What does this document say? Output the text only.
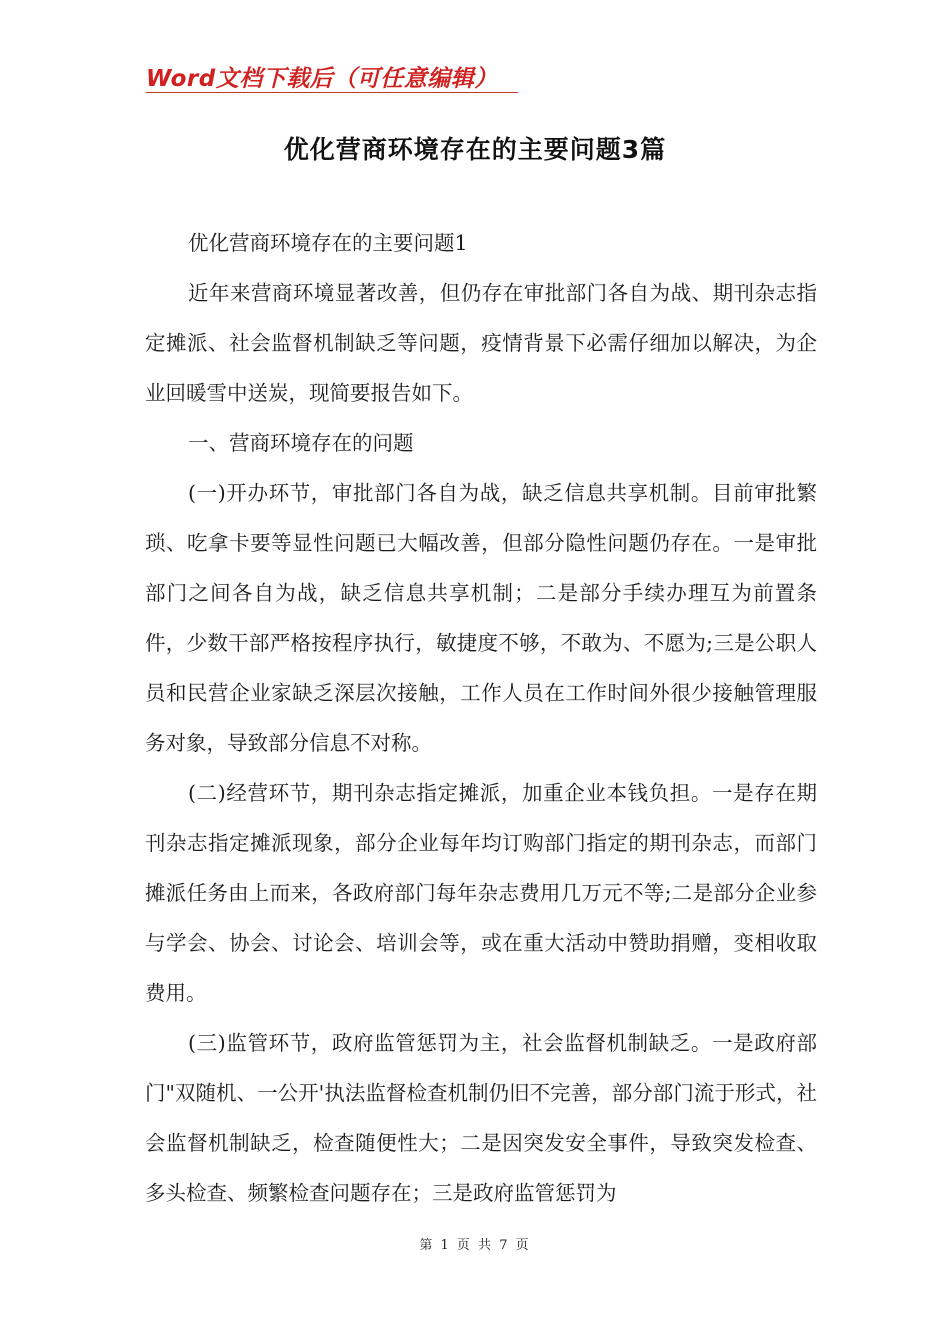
Word文档下载后（可任意编辑）
优化营商环境存在的主要问题3篇

优化营商环境存在的主要问题1

近年来营商环境显著改善，但仍存在审批部门各自为战、期刊杂志指定摊派、社会监督机制缺乏等问题，疫情背景下必需仔细加以解决，为企业回暖雪中送炭，现简要报告如下。

一、营商环境存在的问题

(一)开办环节，审批部门各自为战，缺乏信息共享机制。目前审批繁琐、吃拿卡要等显性问题已大幅改善，但部分隐性问题仍存在。一是审批部门之间各自为战，缺乏信息共享机制；二是部分手续办理互为前置条件，少数干部严格按程序执行，敏捷度不够，不敢为、不愿为;三是公职人员和民营企业家缺乏深层次接触，工作人员在工作时间外很少接触管理服务对象，导致部分信息不对称。

(二)经营环节，期刊杂志指定摊派，加重企业本钱负担。一是存在期刊杂志指定摊派现象，部分企业每年均订购部门指定的期刊杂志，而部门摊派任务由上而来，各政府部门每年杂志费用几万元不等;二是部分企业参与学会、协会、讨论会、培训会等，或在重大活动中赞助捐赠，变相收取费用。

(三)监管环节，政府监管惩罚为主，社会监督机制缺乏。一是政府部门"双随机、一公开'执法监督检查机制仍旧不完善，部分部门流于形式，社会监督机制缺乏，检查随便性大；二是因突发安全事件，导致突发检查、多头检查、频繁检查问题存在；三是政府监管惩罚为

第 1 页 共 7 页
